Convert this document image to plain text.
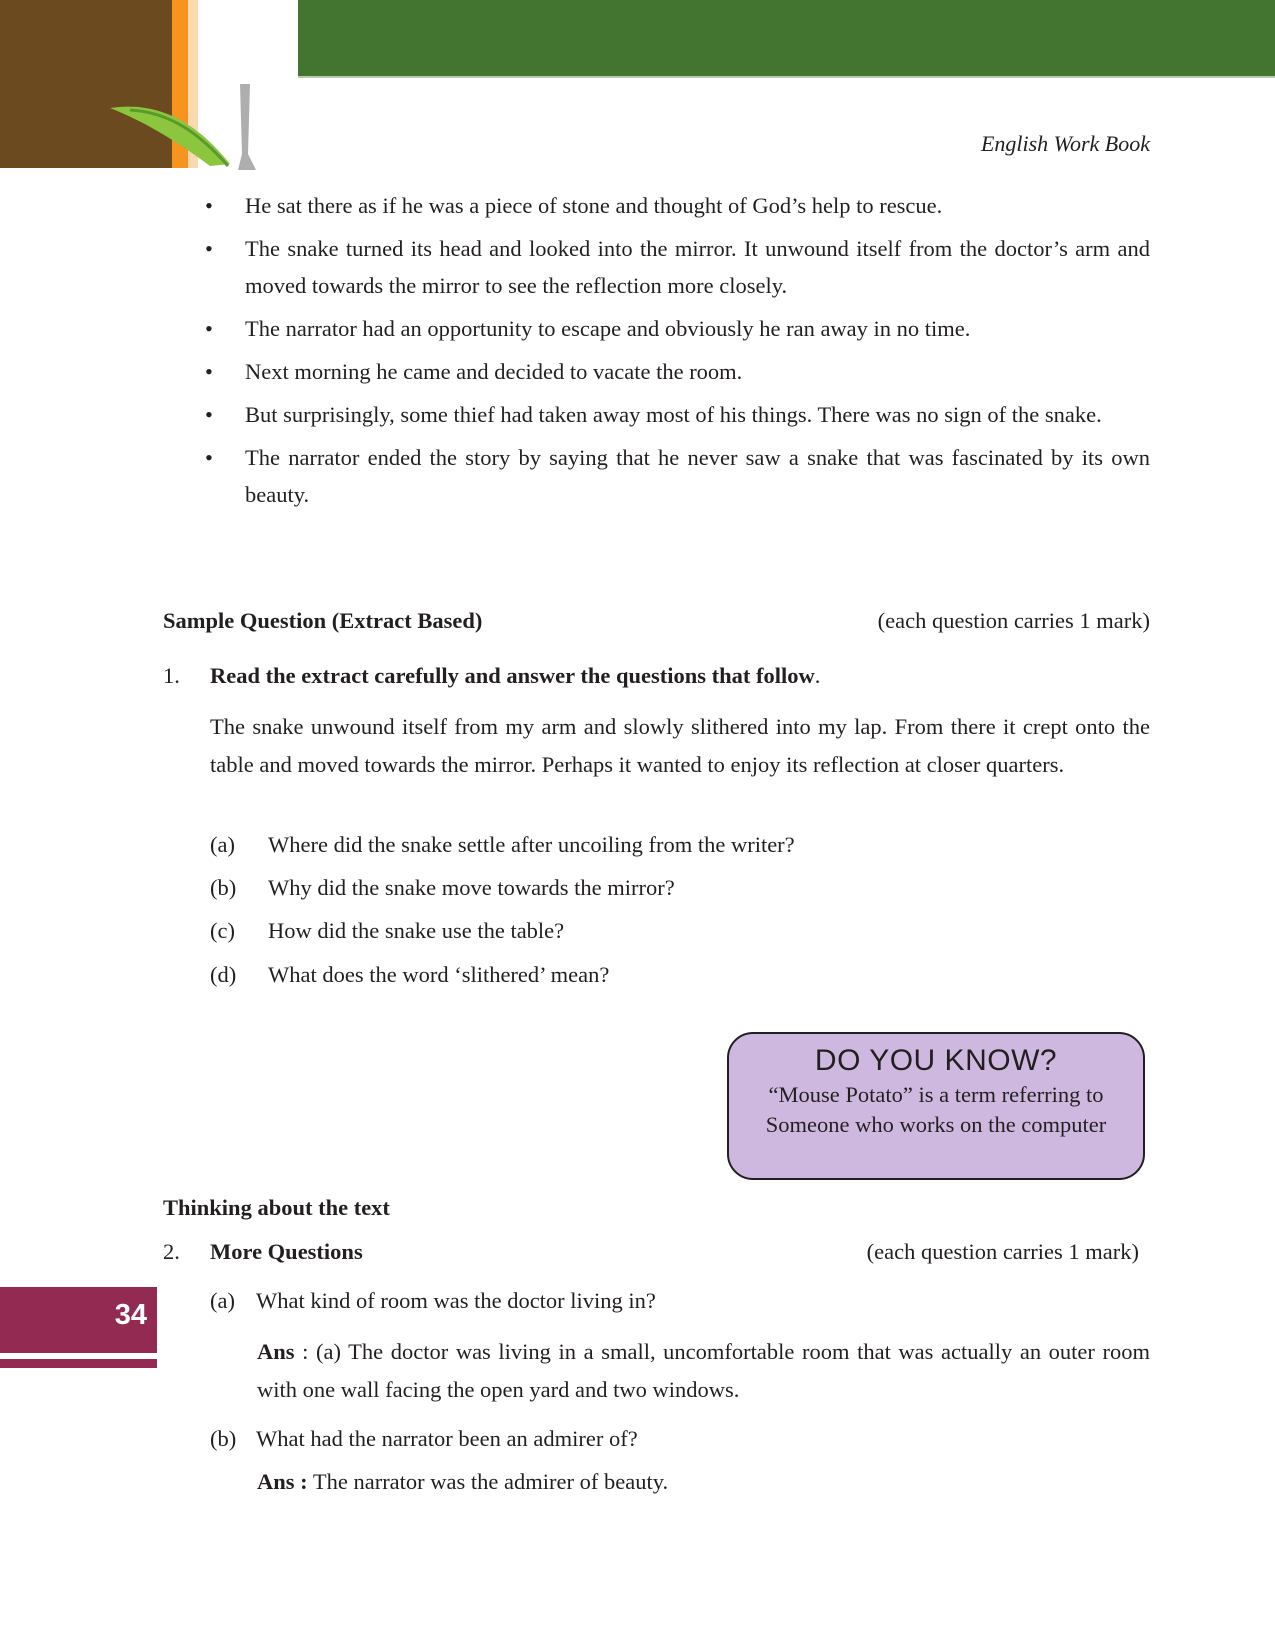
English Work Book
• He sat there as if he was a piece of stone and thought of God’s help to rescue.
• The snake turned its head and looked into the mirror. It unwound itself from the doctor’s arm and moved towards the mirror to see the reflection more closely.
• The narrator had an opportunity to escape and obviously he ran away in no time.
• Next morning he came and decided to vacate the room.
• But surprisingly, some thief had taken away most of his things. There was no sign of the snake.
• The narrator ended the story by saying that he never saw a snake that was fascinated by its own beauty.
Sample Question (Extract Based)	(each question carries 1 mark)
1. Read the extract carefully and answer the questions that follow.
The snake unwound itself from my arm and slowly slithered into my lap. From there it crept onto the table and moved towards the mirror. Perhaps it wanted to enjoy its reflection at closer quarters.
(a) Where did the snake settle after uncoiling from the writer?
(b) Why did the snake move towards the mirror?
(c) How did the snake use the table?
(d) What does the word ‘slithered’ mean?
DO YOU KNOW?
“Mouse Potato” is a term referring to Someone who works on the computer
Thinking about the text
2. More Questions	(each question carries 1 mark)
(a) What kind of room was the doctor living in?
Ans : (a) The doctor was living in a small, uncomfortable room that was actually an outer room with one wall facing the open yard and two windows.
(b) What had the narrator been an admirer of?
Ans : The narrator was the admirer of beauty.
34
